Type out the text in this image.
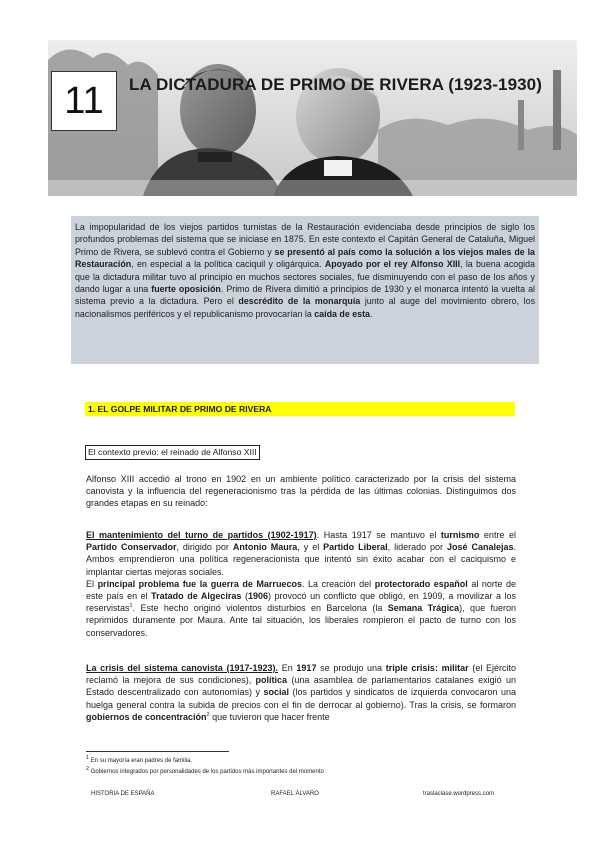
11 LA DICTADURA DE PRIMO DE RIVERA (1923-1930)
La impopularidad de los viejos partidos turnistas de la Restauración evidenciaba desde principios de siglo los profundos problemas del sistema que se iniciase en 1875. En este contexto el Capitán General de Cataluña, Miguel Primo de Rivera, se sublevó contra el Gobierno y se presentó al país como la solución a los viejos males de la Restauración, en especial a la política caciquil y oligárquica. Apoyado por el rey Alfonso XIII, la buena acogida que la dictadura militar tuvo al principio en muchos sectores sociales, fue disminuyendo con el paso de los años y dando lugar a una fuerte oposición. Primo de Rivera dimitió a principios de 1930 y el monarca intentó la vuelta al sistema previo a la dictadura. Pero el descrédito de la monarquía junto al auge del movimiento obrero, los nacionalismos periféricos y el republicanismo provocarían la caída de esta.
1. EL GOLPE MILITAR DE PRIMO DE RIVERA
El contexto previo: el reinado de Alfonso XIII

Alfonso XIII accedió al trono en 1902 en un ambiente político caracterizado por la crisis del sistema canovista y la influencia del regeneracionismo tras la pérdida de las últimas colonias. Distinguimos dos grandes etapas en su reinado:

El mantenimiento del turno de partidos (1902-1917). Hasta 1917 se mantuvo el turnismo entre el Partido Conservador, dirigido por Antonio Maura, y el Partido Liberal, liderado por José Canalejas. Ambos emprendieron una política regeneracionista que intentó sin éxito acabar con el caciquismo e implantar ciertas mejoras sociales.

El principal problema fue la guerra de Marruecos. La creación del protectorado español al norte de este país en el Tratado de Algeciras (1906) provocó un conflicto que obligó, en 1909, a movilizar a los reservistas$^1$. Este hecho originó violentos disturbios en Barcelona (la Semana Trágica), que fueron reprimidos duramente por Maura. Ante tal situación, los liberales rompieron el pacto de turno con los conservadores.

La crisis del sistema canovista (1917-1923). En 1917 se produjo una triple crisis: militar (el Ejército reclamó la mejora de sus condiciones), política (una asamblea de parlamentarios catalanes exigió un Estado descentralizado con autonomías) y social (los partidos y sindicatos de izquierda convocaron una huelga general contra la subida de precios con el fin de derrocar al gobierno). Tras la crisis, se formaron gobiernos de concentración$^2$ que tuvieron que hacer frente

$^1$ En su mayoría eran padres de familia.
$^2$ Gobiernos integrados por personalidades de los partidos más importantes del momento
HISTORIA DE ESPAÑA	RAFAEL ÁLVARO	traslaclase.wordpress.com
